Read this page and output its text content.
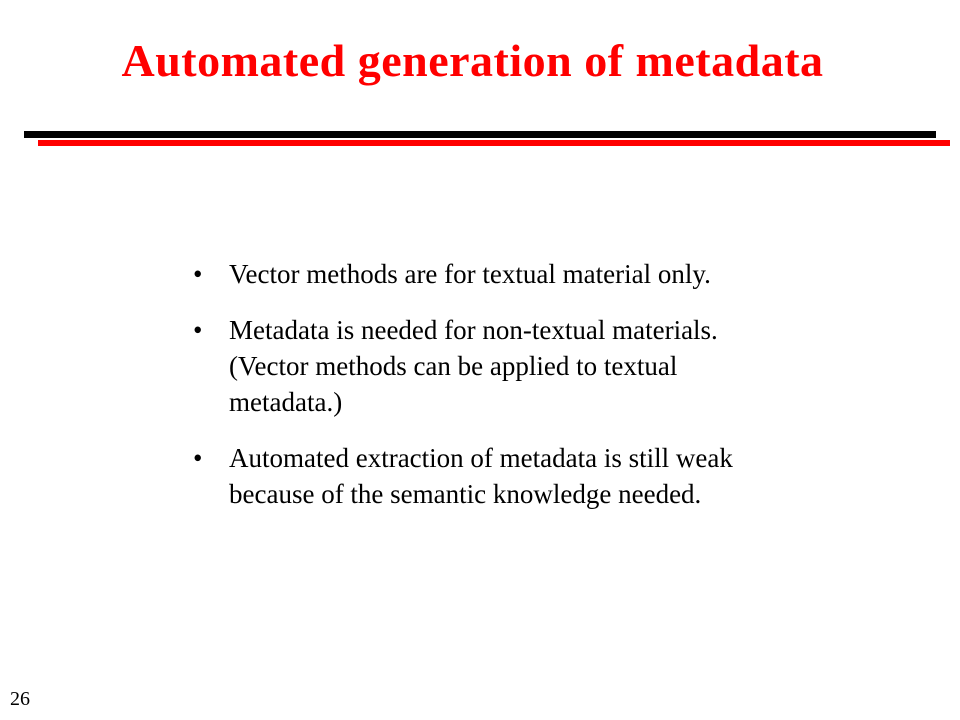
Automated generation of metadata
• Vector methods are for textual material only.
• Metadata is needed for non-textual materials. (Vector methods can be applied to textual metadata.)
• Automated extraction of metadata is still weak because of the semantic knowledge needed.
26
